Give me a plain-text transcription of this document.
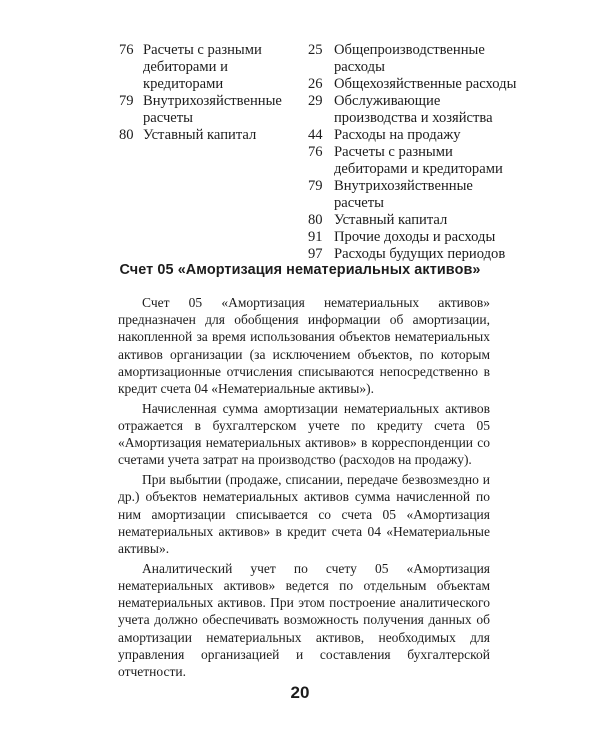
76 Расчеты с разными дебиторами и кредиторами
79 Внутрихозяйственные расчеты
80 Уставный капитал
25 Общепроизводственные расходы
26 Общехозяйственные расходы
29 Обслуживающие производства и хозяйства
44 Расходы на продажу
76 Расчеты с разными дебиторами и кредиторами
79 Внутрихозяйственные расчеты
80 Уставный капитал
91 Прочие доходы и расходы
97 Расходы будущих периодов
Счет 05 «Амортизация нематериальных активов»

Счет 05 «Амортизация нематериальных активов» предназначен для обобщения информации об амортизации, накопленной за время использования объектов нематериальных активов организации (за исключением объектов, по которым амортизационные отчисления списываются непосредственно в кредит счета 04 «Нематериальные активы»).

Начисленная сумма амортизации нематериальных активов отражается в бухгалтерском учете по кредиту счета 05 «Амортизация нематериальных активов» в корреспонденции со счетами учета затрат на производство (расходов на продажу).

При выбытии (продаже, списании, передаче безвозмездно и др.) объектов нематериальных активов сумма начисленной по ним амортизации списывается со счета 05 «Амортизация нематериальных активов» в кредит счета 04 «Нематериальные активы».

Аналитический учет по счету 05 «Амортизация нематериальных активов» ведется по отдельным объектам нематериальных активов. При этом построение аналитического учета должно обеспечивать возможность получения данных об амортизации нематериальных активов, необходимых для управления организацией и составления бухгалтерской отчетности.

20
